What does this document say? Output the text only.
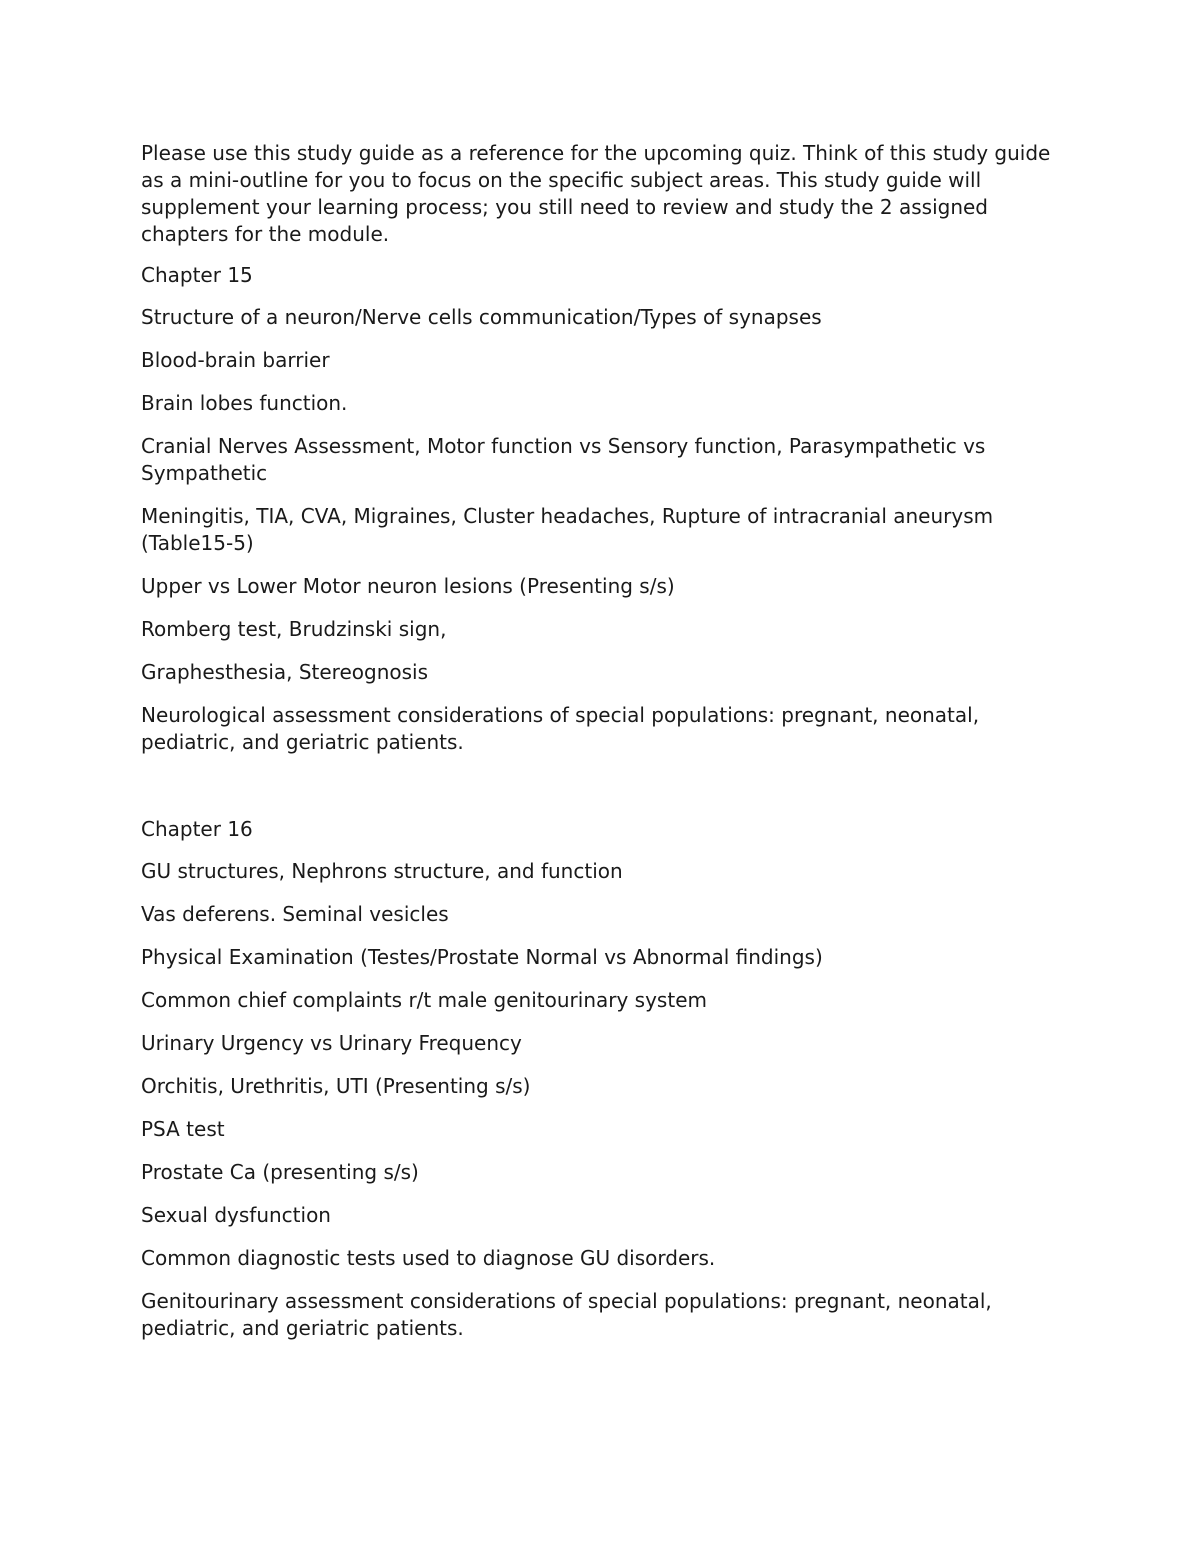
Please use this study guide as a reference for the upcoming quiz. Think of this study guide as a mini-outline for you to focus on the specific subject areas. This study guide will supplement your learning process; you still need to review and study the 2 assigned chapters for the module.

Chapter 15

Structure of a neuron/Nerve cells communication/Types of synapses

Blood-brain barrier

Brain lobes function.

Cranial Nerves Assessment, Motor function vs Sensory function, Parasympathetic vs Sympathetic

Meningitis, TIA, CVA, Migraines, Cluster headaches, Rupture of intracranial aneurysm (Table15-5)

Upper vs Lower Motor neuron lesions (Presenting s/s)

Romberg test, Brudzinski sign,

Graphesthesia, Stereognosis

Neurological assessment considerations of special populations: pregnant, neonatal, pediatric, and geriatric patients.

Chapter 16

GU structures, Nephrons structure, and function

Vas deferens. Seminal vesicles

Physical Examination (Testes/Prostate Normal vs Abnormal findings)

Common chief complaints r/t male genitourinary system

Urinary Urgency vs Urinary Frequency

Orchitis, Urethritis, UTI (Presenting s/s)

PSA test

Prostate Ca (presenting s/s)

Sexual dysfunction

Common diagnostic tests used to diagnose GU disorders.

Genitourinary assessment considerations of special populations: pregnant, neonatal, pediatric, and geriatric patients.
